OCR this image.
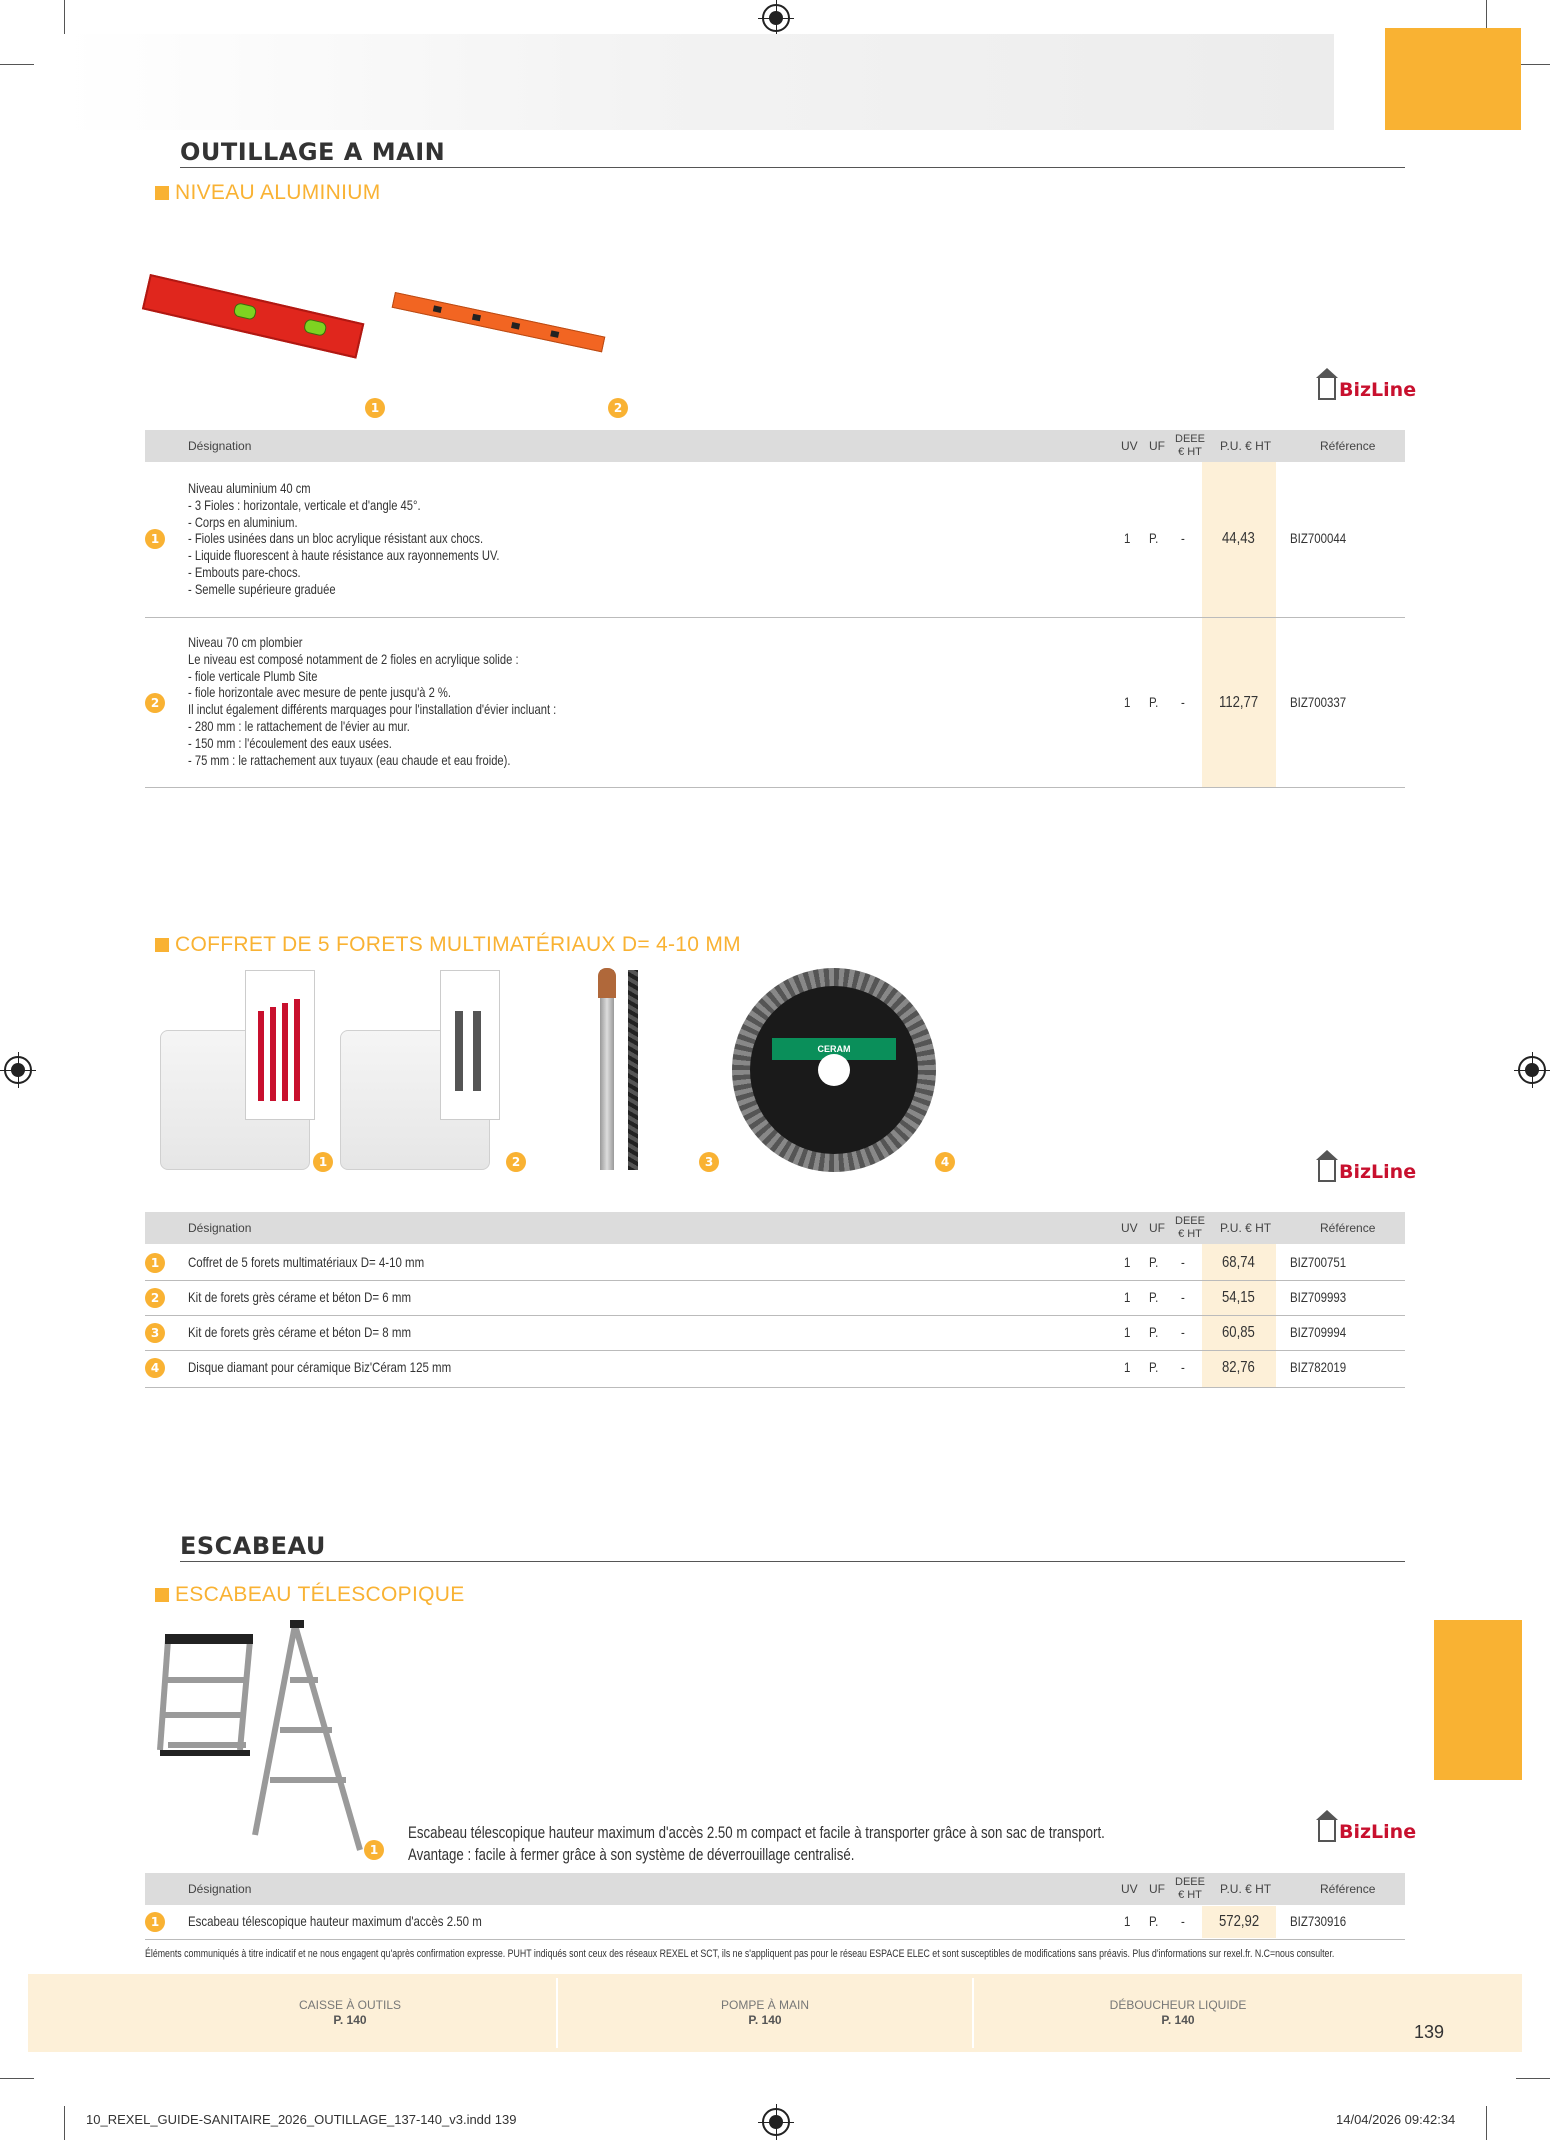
OUTILLAGE A MAIN
NIVEAU ALUMINIUM
1	2
BizLine
Désignation	UV UF DEEE
€ HT P.U. € HT	Référence
1
Niveau aluminium 40 cm
- 3 Fioles : horizontale, verticale et d'angle 45°.
- Corps en aluminium.
- Fioles usinées dans un bloc acrylique résistant aux chocs.
- Liquide fluorescent à haute résistance aux rayonnements UV.
- Embouts pare-chocs.
- Semelle supérieure graduée
1 P. - 44,43	BIZ700044
2
Niveau 70 cm plombier
Le niveau est composé notamment de 2 fioles en acrylique solide :
- fiole verticale Plumb Site
- fiole horizontale avec mesure de pente jusqu'à 2 %.
Il inclut également différents marquages pour l'installation d'évier incluant :
- 280 mm : le rattachement de l'évier au mur.
- 150 mm : l'écoulement des eaux usées.
- 75 mm : le rattachement aux tuyaux (eau chaude et eau froide).
1 P. - 112,77 BIZ700337
COFFRET DE 5 FORETS MULTIMATÉRIAUX D= 4-10 MM
CERAM
1	2	3	4	BizLine
Désignation	UV UF DEEE
€ HT P.U. € HT	Référence
1	Coffret de 5 forets multimatériaux D= 4-10 mm	1 P. - 68,74	BIZ700751
2	Kit de forets grès cérame et béton D= 6 mm	1 P. - 54,15	BIZ709993
3	Kit de forets grès cérame et béton D= 8 mm	1 P. - 60,85	BIZ709994
4	Disque diamant pour céramique Biz'Céram 125 mm	1 P. - 82,76	BIZ782019
ESCABEAU
ESCABEAU TÉLESCOPIQUE
1
Escabeau télescopique hauteur maximum d'accès 2.50 m compact et facile à transporter grâce à son sac de transport.
Avantage : facile à fermer grâce à son système de déverrouillage centralisé.
BizLine
Désignation	UV UF DEEE
€ HT P.U. € HT	Référence
1	Escabeau télescopique hauteur maximum d'accès 2.50 m	1 P. - 572,92 BIZ730916
Éléments communiqués à titre indicatif et ne nous engagent qu'après confirmation expresse. PUHT indiqués sont ceux des réseaux REXEL et SCT, ils ne s'appliquent pas pour le réseau ESPACE ELEC et sont susceptibles de modifications sans préavis. Plus d'informations sur rexel.fr. N.C=nous consulter.
CAISSE À OUTILS
P. 140
POMPE À MAIN
P. 140
DÉBOUCHEUR LIQUIDE
P. 140
139
10_REXEL_GUIDE-SANITAIRE_2026_OUTILLAGE_137-140_v3.indd 139	14/04/2026 09:42:34
